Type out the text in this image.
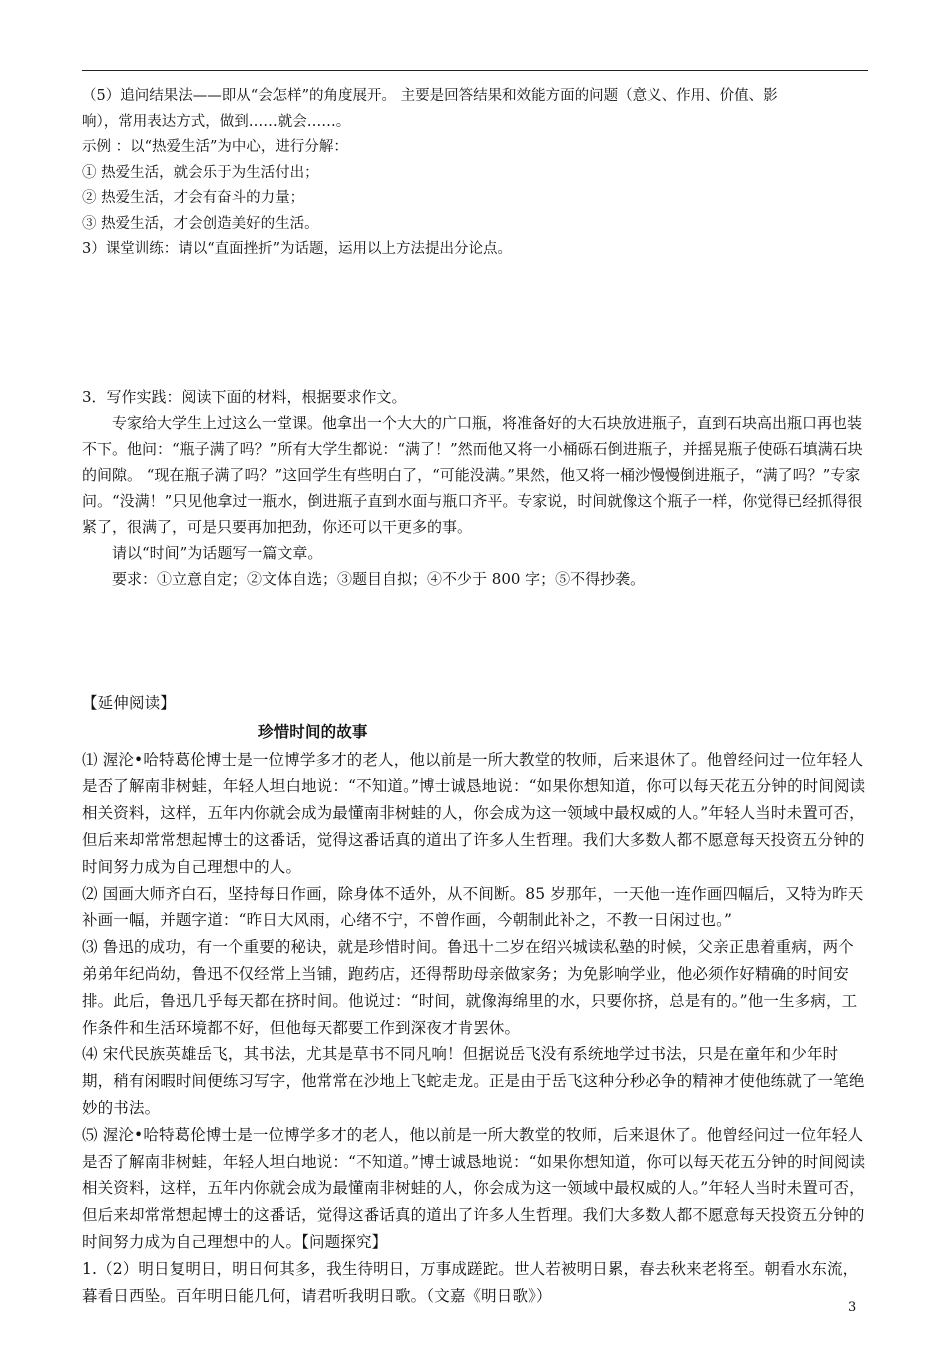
（5）追问结果法——即从“会怎样”的角度展开。 主要是回答结果和效能方面的问题（意义、作用、价值、影

响），常用表达方式，做到……就会……。

示例 ：以“热爱生活”为中心，进行分解：

① 热爱生活，就会乐于为生活付出；

② 热爱生活，才会有奋斗的力量；

③ 热爱生活，才会创造美好的生活。

3）课堂训练：请以“直面挫折”为话题，运用以上方法提出分论点。

3．写作实践：阅读下面的材料，根据要求作文。

专家给大学生上过这么一堂课。他拿出一个大大的广口瓶，将准备好的大石块放进瓶子，直到石块高出瓶口再也装不下。他问：“瓶子满了吗？”所有大学生都说：“满了！”然而他又将一小桶砾石倒进瓶子，并摇晃瓶子使砾石填满石块的间隙。 “现在瓶子满了吗？”这回学生有些明白了，“可能没满。”果然，他又将一桶沙慢慢倒进瓶子，“满了吗？”专家问。“没满！”只见他拿过一瓶水，倒进瓶子直到水面与瓶口齐平。专家说，时间就像这个瓶子一样，你觉得已经抓得很紧了，很满了，可是只要再加把劲，你还可以干更多的事。

请以“时间”为话题写一篇文章。

要求：①立意自定；②文体自选；③题目自拟；④不少于 800 字；⑤不得抄袭。

【延伸阅读】

珍惜时间的故事

⑴ 渥沦•哈特葛伦博士是一位博学多才的老人，他以前是一所大教堂的牧师，后来退休了。他曾经问过一位年轻人是否了解南非树蛙，年轻人坦白地说：“不知道。”博士诚恳地说：“如果你想知道，你可以每天花五分钟的时间阅读相关资料，这样，五年内你就会成为最懂南非树蛙的人，你会成为这一领域中最权威的人。”年轻人当时未置可否，但后来却常常想起博士的这番话，觉得这番话真的道出了许多人生哲理。我们大多数人都不愿意每天投资五分钟的时间努力成为自己理想中的人。

⑵ 国画大师齐白石，坚持每日作画，除身体不适外，从不间断。85 岁那年，一天他一连作画四幅后，又特为昨天补画一幅，并题字道：“昨日大风雨，心绪不宁，不曾作画，今朝制此补之，不教一日闲过也。”

⑶ 鲁迅的成功，有一个重要的秘诀，就是珍惜时间。鲁迅十二岁在绍兴城读私塾的时候，父亲正患着重病，两个弟弟年纪尚幼，鲁迅不仅经常上当铺，跑药店，还得帮助母亲做家务；为免影响学业，他必须作好精确的时间安排。此后，鲁迅几乎每天都在挤时间。他说过：“时间，就像海绵里的水，只要你挤，总是有的。”他一生多病，工作条件和生活环境都不好，但他每天都要工作到深夜才肯罢休。

⑷ 宋代民族英雄岳飞，其书法，尤其是草书不同凡响！但据说岳飞没有系统地学过书法，只是在童年和少年时期，稍有闲暇时间便练习写字，他常常在沙地上飞蛇走龙。正是由于岳飞这种分秒必争的精神才使他练就了一笔绝妙的书法。

⑸ 渥沦•哈特葛伦博士是一位博学多才的老人，他以前是一所大教堂的牧师，后来退休了。他曾经问过一位年轻人是否了解南非树蛙，年轻人坦白地说：“不知道。”博士诚恳地说：“如果你想知道，你可以每天花五分钟的时间阅读相关资料，这样，五年内你就会成为最懂南非树蛙的人，你会成为这一领域中最权威的人。”年轻人当时未置可否，但后来却常常想起博士的这番话，觉得这番话真的道出了许多人生哲理。我们大多数人都不愿意每天投资五分钟的时间努力成为自己理想中的人。【问题探究】

1.（2）明日复明日，明日何其多，我生待明日，万事成蹉跎。世人若被明日累，春去秋来老将至。朝看水东流，暮看日西坠。百年明日能几何，请君听我明日歌。（文嘉《明日歌》）

3
